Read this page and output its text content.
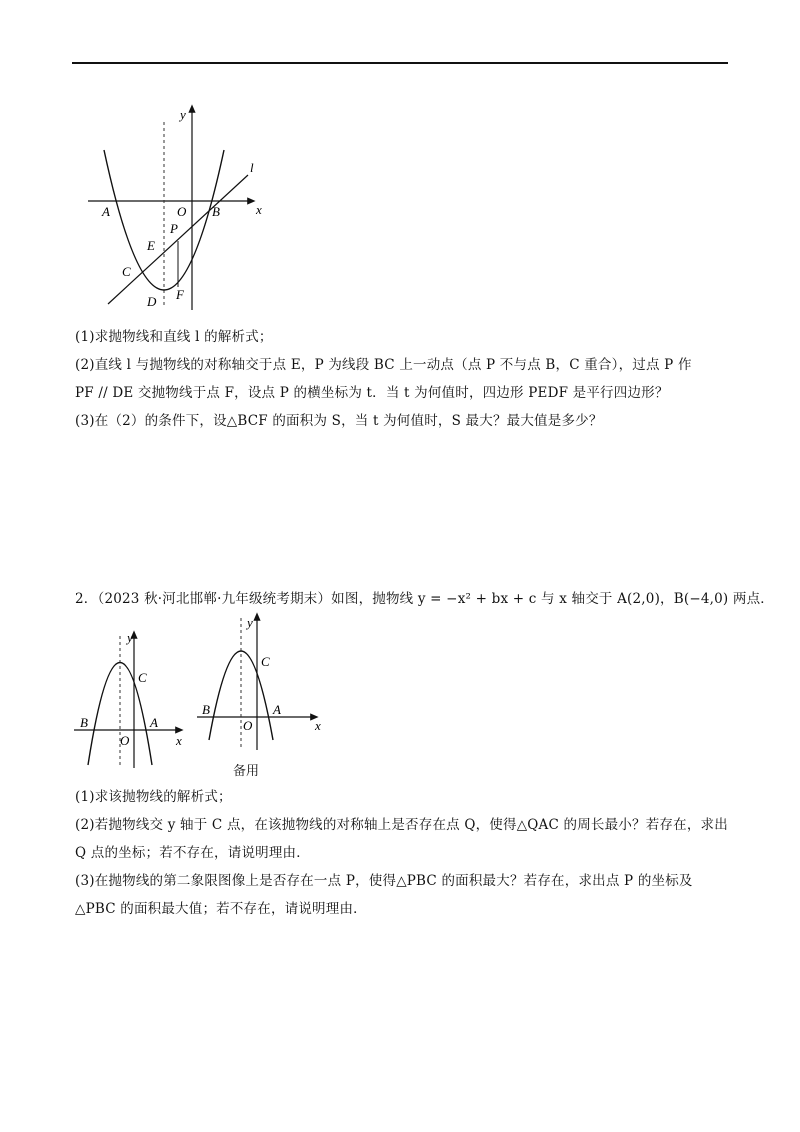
y
l
x
A	O B
P
E
C
D F
(1)求抛物线和直线 l 的解析式；
(2)直线 l 与抛物线的对称轴交于点 E，P 为线段 BC 上一动点（点 P 不与点 B，C 重合），过点 P 作
PF // DE 交抛物线于点 F，设点 P 的横坐标为 t．当 t 为何值时，四边形 PEDF 是平行四边形？
(3)在（2）的条件下，设△BCF 的面积为 S，当 t 为何值时，S 最大？最大值是多少？
2．（2023 秋·河北邯郸·九年级统考期末）如图，抛物线 y = −x² + bx + c 与 x 轴交于 A(2,0)，B(−4,0) 两点．
y
C
B	A
O	x
y
C
B	A
O	x
备用
(1)求该抛物线的解析式；
(2)若抛物线交 y 轴于 C 点，在该抛物线的对称轴上是否存在点 Q，使得△QAC 的周长最小？若存在，求出
Q 点的坐标；若不存在，请说明理由．
(3)在抛物线的第二象限图像上是否存在一点 P，使得△PBC 的面积最大？若存在，求出点 P 的坐标及
△PBC 的面积最大值；若不存在，请说明理由．
